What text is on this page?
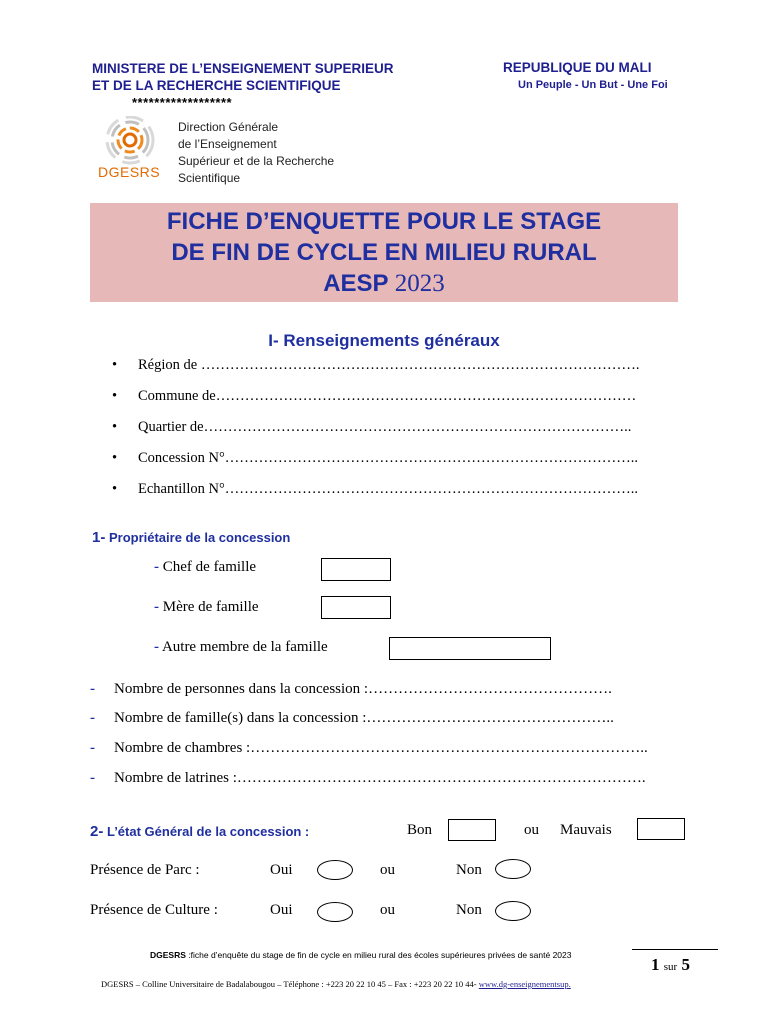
MINISTERE DE L’ENSEIGNEMENT SUPERIEUR
ET DE LA RECHERCHE SCIENTIFIQUE
******************
REPUBLIQUE DU MALI
Un Peuple - Un But - Une Foi
DGESRS
Direction Générale
de l’Enseignement
Supérieur et de la Recherche
Scientifique
FICHE D’ENQUETTE POUR LE STAGE
DE FIN DE CYCLE EN MILIEU RURAL
AESP 2023
I- Renseignements généraux
• Région de ……………………………………………………………………………….
• Commune de……………………………………………………………………………
• Quartier de……………………………………………………………………………..
• Concession N°…………………………………………………………………………..
• Echantillon N°…………………………………………………………………………..
1- Propriétaire de la concession
- Chef de famille
- Mère de famille
- Autre membre de la famille
- Nombre de personnes dans la concession :………………………………………….
- Nombre de famille(s) dans la concession :…………………………………………..
- Nombre de chambres :……………………………………………………………………..
- Nombre de latrines :……………………………………………………………………….
2- L’état Général de la concession :	Bon	ou Mauvais
Présence de Parc :	Oui	ou	Non
Présence de Culture :	Oui	ou	Non
DGESRS :fiche d’enquête du stage de fin de cycle en milieu rural des écoles supérieures privées de santé 2023	1 sur 5
DGESRS – Colline Universitaire de Badalabougou – Téléphone : +223 20 22 10 45 – Fax : +223 20 22 10 44- www.dg-enseignementsup.
